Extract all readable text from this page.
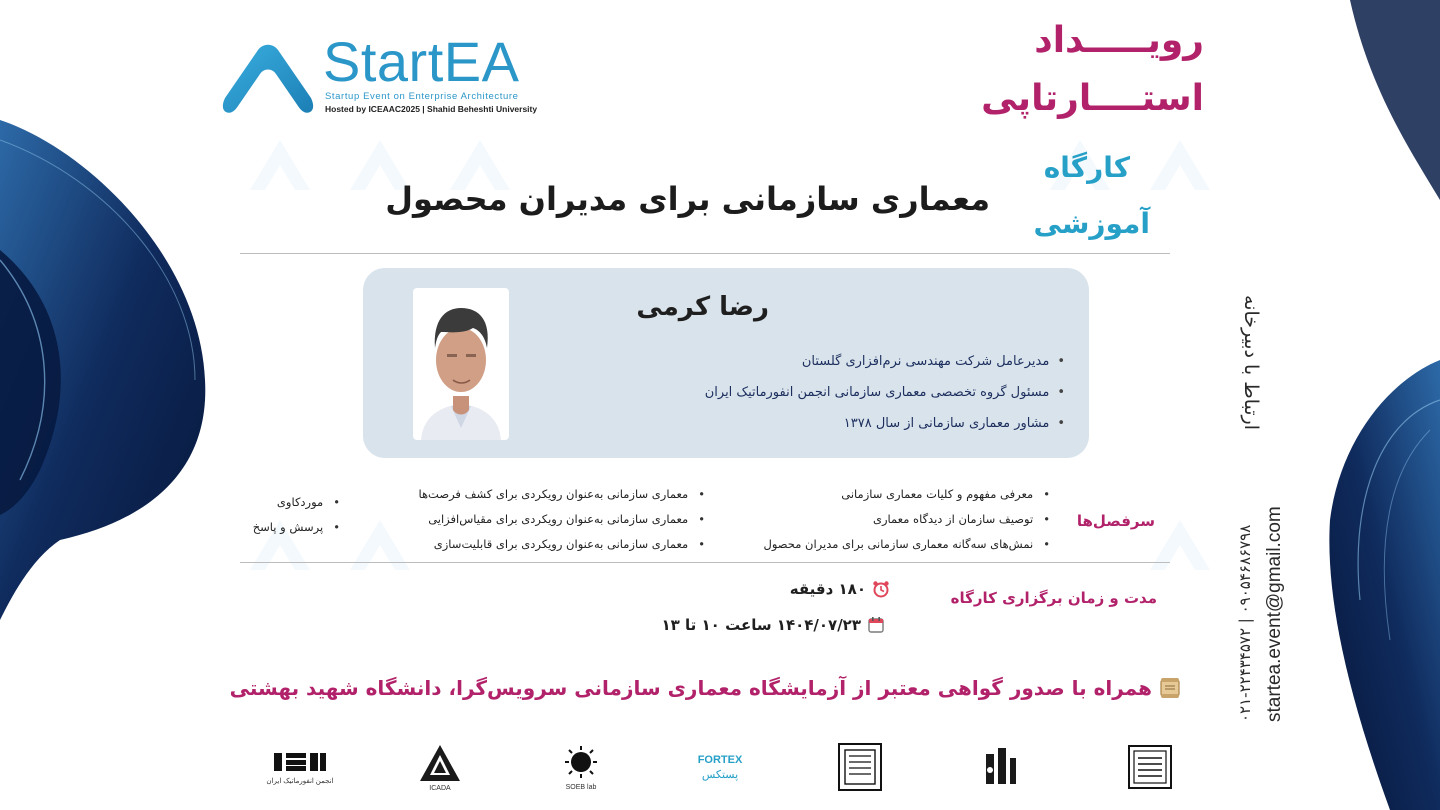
StartEA
Startup Event on Enterprise Architecture
Hosted by ICEAAC2025 | Shahid Beheshti University
رویـــــداد
استــــارتاپی
کارگاه
آموزشی
معماری سازمانی برای مدیران محصول
رضا کرمی
• مدیرعامل شرکت مهندسی نرم‌افزاری گلستان
• مسئول گروه تخصصی معماری سازمانی انجمن انفورماتیک ایران
• مشاور معماری سازمانی از سال ۱۳۷۸
سرفصل‌ها
• معرفی مفهوم و کلیات معماری سازمانی
• توصیف سازمان از دیدگاه معماری
• نمش‌های سه‌گانه معماری سازمانی برای مدیران محصول
• معماری سازمانی به‌عنوان رویکردی برای کشف فرصت‌ها
• معماری سازمانی به‌عنوان رویکردی برای مقیاس‌افزایی
• معماری سازمانی به‌عنوان رویکردی برای قابلیت‌سازی
• موردکاوی
• پرسش و پاسخ
مدت و زمان برگزاری کارگاه
۱۸۰ دقیقه
۱۴۰۴/۰۷/۲۳ ساعت ۱۰ تا ۱۳
همراه با صدور گواهی معتبر از آزمایشگاه معماری سازمانی سرویس‌گرا، دانشگاه شهید بهشتی
ارتباط با دبیرخانه
startea.event@gmail.com
۰۲۱-۲۲۴۳۴۵۷۲ | ۰۹۰۵۴۶۸۶۷۹۸
انجمن انفورماتیک ایران
ICADA	SOEB lab
FORTEX
پستکس
